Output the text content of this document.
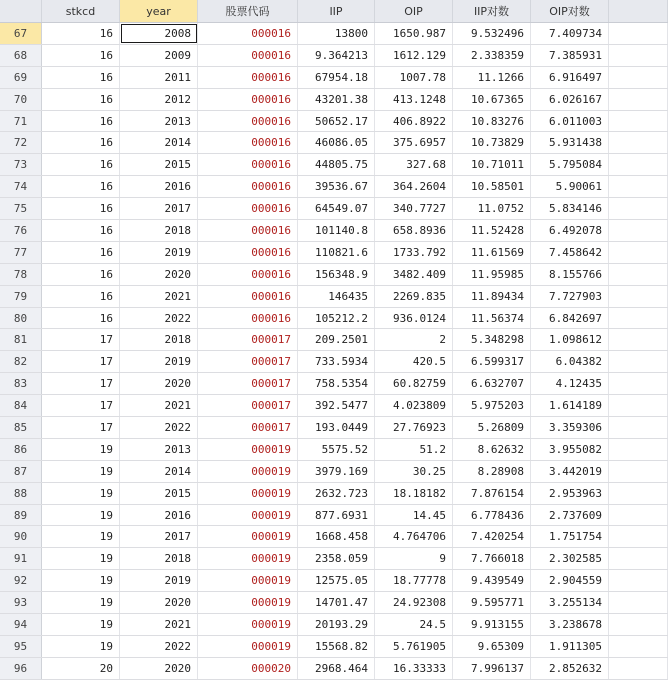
stkcd	year	股票代码	IIP	OIP	IIP对数	OIP对数
67	16	2008	000016	13800	1650.987	9.532496	7.409734
68	16	2009	000016	9.364213	1612.129	2.338359	7.385931
69	16	2011	000016	67954.18	1007.78	11.1266	6.916497
70	16	2012	000016	43201.38	413.1248	10.67365	6.026167
71	16	2013	000016	50652.17	406.8922	10.83276	6.011003
72	16	2014	000016	46086.05	375.6957	10.73829	5.931438
73	16	2015	000016	44805.75	327.68	10.71011	5.795084
74	16	2016	000016	39536.67	364.2604	10.58501	5.90061
75	16	2017	000016	64549.07	340.7727	11.0752	5.834146
76	16	2018	000016	101140.8	658.8936	11.52428	6.492078
77	16	2019	000016	110821.6	1733.792	11.61569	7.458642
78	16	2020	000016	156348.9	3482.409	11.95985	8.155766
79	16	2021	000016	146435	2269.835	11.89434	7.727903
80	16	2022	000016	105212.2	936.0124	11.56374	6.842697
81	17	2018	000017	209.2501	2	5.348298	1.098612
82	17	2019	000017	733.5934	420.5	6.599317	6.04382
83	17	2020	000017	758.5354	60.82759	6.632707	4.12435
84	17	2021	000017	392.5477	4.023809	5.975203	1.614189
85	17	2022	000017	193.0449	27.76923	5.26809	3.359306
86	19	2013	000019	5575.52	51.2	8.62632	3.955082
87	19	2014	000019	3979.169	30.25	8.28908	3.442019
88	19	2015	000019	2632.723	18.18182	7.876154	2.953963
89	19	2016	000019	877.6931	14.45	6.778436	2.737609
90	19	2017	000019	1668.458	4.764706	7.420254	1.751754
91	19	2018	000019	2358.059	9	7.766018	2.302585
92	19	2019	000019	12575.05	18.77778	9.439549	2.904559
93	19	2020	000019	14701.47	24.92308	9.595771	3.255134
94	19	2021	000019	20193.29	24.5	9.913155	3.238678
95	19	2022	000019	15568.82	5.761905	9.65309	1.911305
96	20	2020	000020	2968.464	16.33333	7.996137	2.852632
